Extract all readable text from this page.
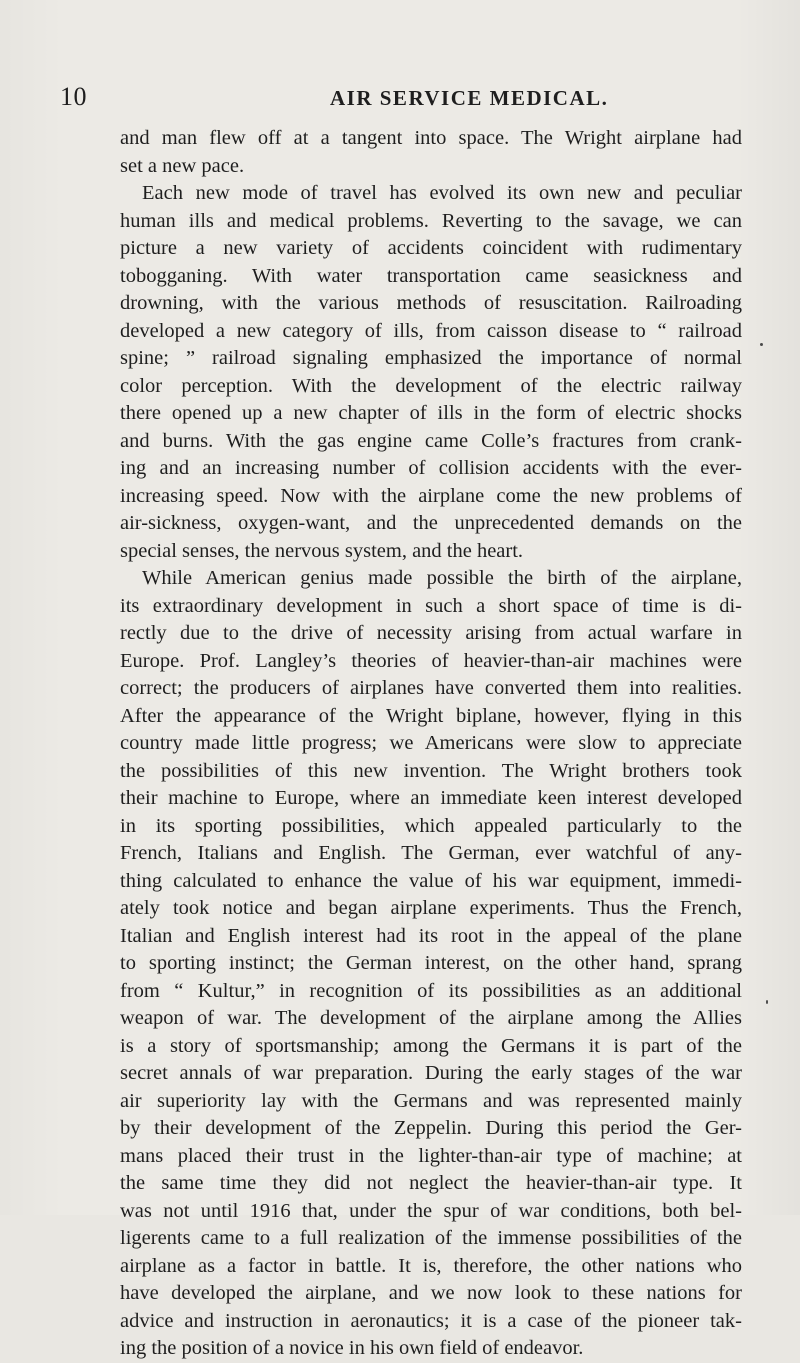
10	AIR SERVICE MEDICAL.
and man flew off at a tangent into space. The Wright airplane had
set a new pace.
Each new mode of travel has evolved its own new and peculiar
human ills and medical problems. Reverting to the savage, we can
picture a new variety of accidents coincident with rudimentary
tobogganing. With water transportation came seasickness and
drowning, with the various methods of resuscitation. Railroading
developed a new category of ills, from caisson disease to “ railroad
spine; ” railroad signaling emphasized the importance of normal
color perception. With the development of the electric railway
there opened up a new chapter of ills in the form of electric shocks
and burns. With the gas engine came Colle’s fractures from crank-
ing and an increasing number of collision accidents with the ever-
increasing speed. Now with the airplane come the new problems of
air-sickness, oxygen-want, and the unprecedented demands on the
special senses, the nervous system, and the heart.
While American genius made possible the birth of the airplane,
its extraordinary development in such a short space of time is di-
rectly due to the drive of necessity arising from actual warfare in
Europe. Prof. Langley’s theories of heavier-than-air machines were
correct; the producers of airplanes have converted them into realities.
After the appearance of the Wright biplane, however, flying in this
country made little progress; we Americans were slow to appreciate
the possibilities of this new invention. The Wright brothers took
their machine to Europe, where an immediate keen interest developed
in its sporting possibilities, which appealed particularly to the
French, Italians and English. The German, ever watchful of any-
thing calculated to enhance the value of his war equipment, immedi-
ately took notice and began airplane experiments. Thus the French,
Italian and English interest had its root in the appeal of the plane
to sporting instinct; the German interest, on the other hand, sprang
from “ Kultur,” in recognition of its possibilities as an additional
weapon of war. The development of the airplane among the Allies
is a story of sportsmanship; among the Germans it is part of the
secret annals of war preparation. During the early stages of the war
air superiority lay with the Germans and was represented mainly
by their development of the Zeppelin. During this period the Ger-
mans placed their trust in the lighter-than-air type of machine; at
the same time they did not neglect the heavier-than-air type. It
was not until 1916 that, under the spur of war conditions, both bel-
ligerents came to a full realization of the immense possibilities of the
airplane as a factor in battle. It is, therefore, the other nations who
have developed the airplane, and we now look to these nations for
advice and instruction in aeronautics; it is a case of the pioneer tak-
ing the position of a novice in his own field of endeavor.
